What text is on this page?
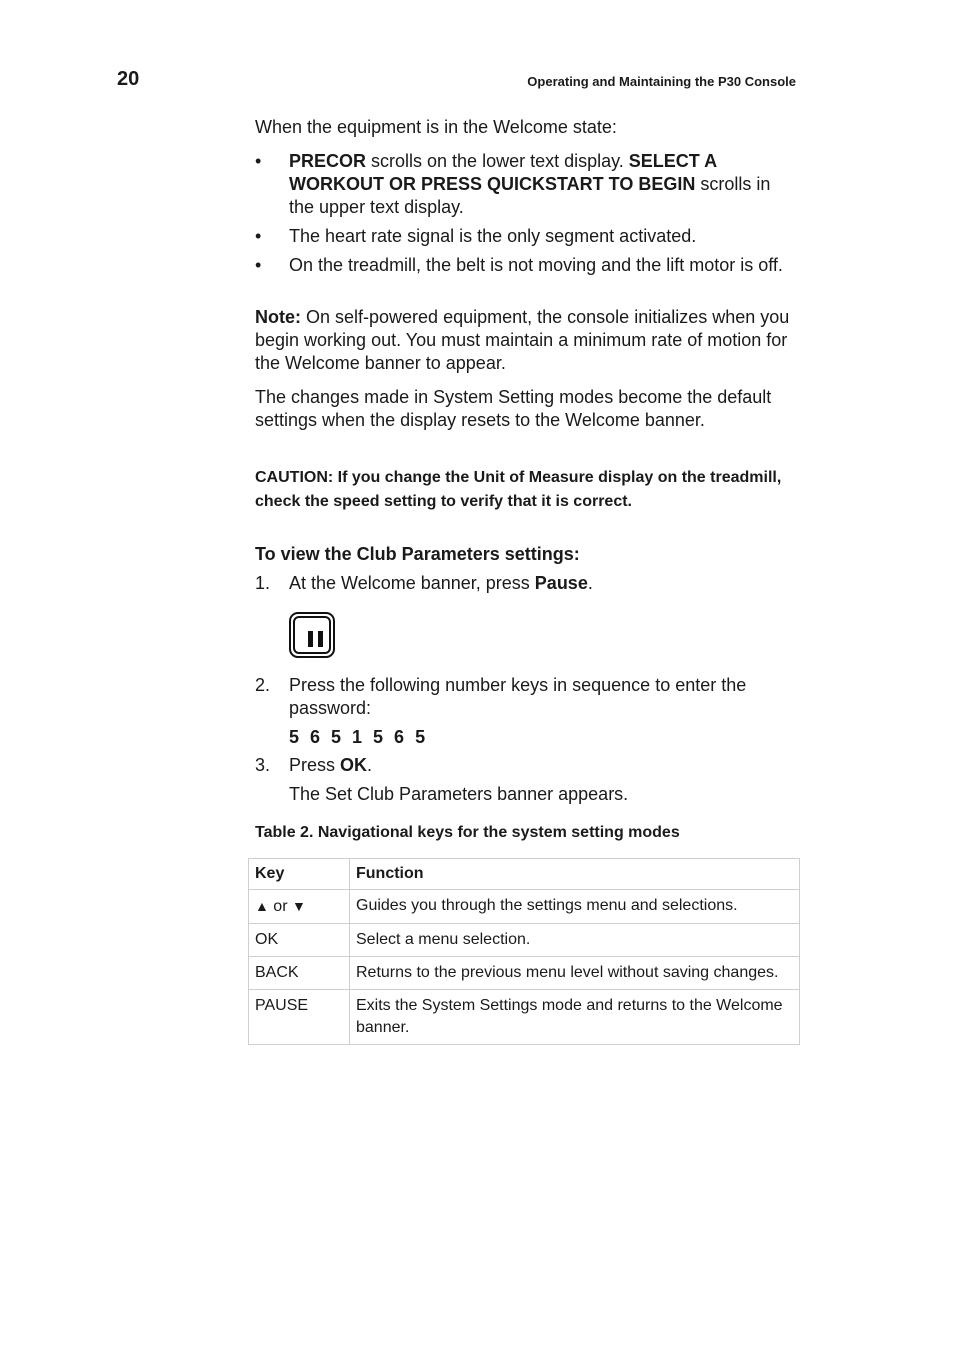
20	Operating and Maintaining the P30 Console

When the equipment is in the Welcome state:

• PRECOR scrolls on the lower text display. SELECT A WORKOUT OR PRESS QUICKSTART TO BEGIN scrolls in the upper text display.
• The heart rate signal is the only segment activated.
• On the treadmill, the belt is not moving and the lift motor is off.

Note: On self-powered equipment, the console initializes when you begin working out. You must maintain a minimum rate of motion for the Welcome banner to appear.

The changes made in System Setting modes become the default settings when the display resets to the Welcome banner.

CAUTION: If you change the Unit of Measure display on the treadmill, check the speed setting to verify that it is correct.
To view the Club Parameters settings:
1. At the Welcome banner, press Pause.
2. Press the following number keys in sequence to enter the password:
5 6 5 1 5 6 5
3. Press OK.
The Set Club Parameters banner appears.
Table 2. Navigational keys for the system setting modes
Key	Function
▲ or ▼	Guides you through the settings menu and selections.
OK	Select a menu selection.
BACK	Returns to the previous menu level without saving changes.
PAUSE	Exits the System Settings mode and returns to the Welcome banner.
